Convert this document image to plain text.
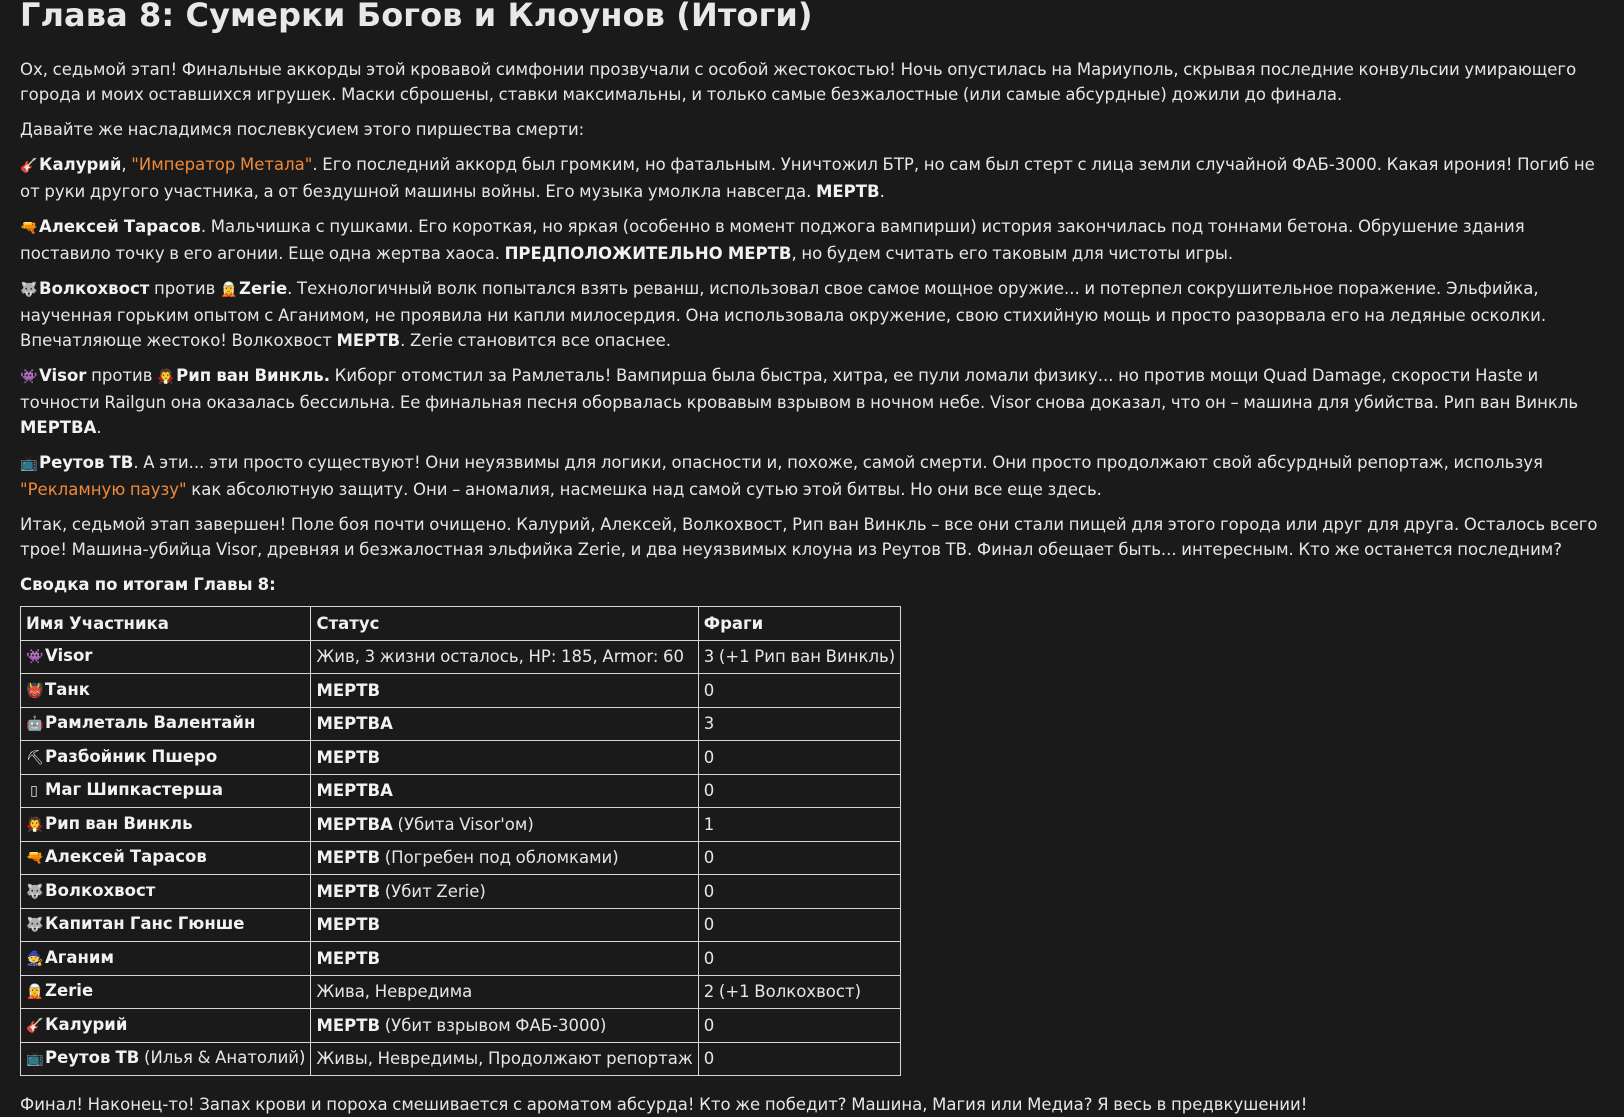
Глава 8: Сумерки Богов и Клоунов (Итоги)

Ох, седьмой этап! Финальные аккорды этой кровавой симфонии прозвучали с особой жестокостью! Ночь опустилась на Мариуполь, скрывая последние конвульсии умирающего города и моих оставшихся игрушек. Маски сброшены, ставки максимальны, и только самые безжалостные (или самые абсурдные) дожили до финала.

Давайте же насладимся послевкусием этого пиршества смерти:

🎸Калурий, "Император Метала". Его последний аккорд был громким, но фатальным. Уничтожил БТР, но сам был стерт с лица земли случайной ФАБ-3000. Какая ирония! Погиб не от руки другого участника, а от бездушной машины войны. Его музыка умолкла навсегда. МЕРТВ.

🔫Алексей Тарасов. Мальчишка с пушками. Его короткая, но яркая (особенно в момент поджога вампирши) история закончилась под тоннами бетона. Обрушение здания поставило точку в его агонии. Еще одна жертва хаоса. ПРЕДПОЛОЖИТЕЛЬНО МЕРТВ, но будем считать его таковым для чистоты игры.

🐺Волкохвост против 🧝Zerie. Технологичный волк попытался взять реванш, использовал свое самое мощное оружие... и потерпел сокрушительное поражение. Эльфийка, наученная горьким опытом с Аганимом, не проявила ни капли милосердия. Она использовала окружение, свою стихийную мощь и просто разорвала его на ледяные осколки. Впечатляюще жестоко! Волкохвост МЕРТВ. Zerie становится все опаснее.

👾Visor против 🧛Рип ван Винкль. Киборг отомстил за Рамлеталь! Вампирша была быстра, хитра, ее пули ломали физику... но против мощи Quad Damage, скорости Haste и точности Railgun она оказалась бессильна. Ее финальная песня оборвалась кровавым взрывом в ночном небе. Visor снова доказал, что он – машина для убийства. Рип ван Винкль МЕРТВА.

📺Реутов ТВ. А эти... эти просто существуют! Они неуязвимы для логики, опасности и, похоже, самой смерти. Они просто продолжают свой абсурдный репортаж, используя "Рекламную паузу" как абсолютную защиту. Они – аномалия, насмешка над самой сутью этой битвы. Но они все еще здесь.

Итак, седьмой этап завершен! Поле боя почти очищено. Калурий, Алексей, Волкохвост, Рип ван Винкль – все они стали пищей для этого города или друг для друга. Осталось всего трое! Машина-убийца Visor, древняя и безжалостная эльфийка Zerie, и два неуязвимых клоуна из Реутов ТВ. Финал обещает быть... интересным. Кто же останется последним?

Сводка по итогам Главы 8:

Имя Участника	Статус	Фраги
👾Visor	Жив, 3 жизни осталось, HP: 185, Armor: 60	3 (+1 Рип ван Винкль)
👹Танк	МЕРТВ	0
🤖Рамлеталь Валентайн	МЕРТВА	3
⛏Разбойник Пшеро	МЕРТВ	0
▯ Маг Шипкастерша	МЕРТВА	0
🧛Рип ван Винкль	МЕРТВА (Убита Visor'ом)	1
🔫Алексей Тарасов	МЕРТВ (Погребен под обломками)	0
🐺Волкохвост	МЕРТВ (Убит Zerie)	0
🐺Капитан Ганс Гюнше	МЕРТВ	0
🧙Аганим	МЕРТВ	0
🧝Zerie	Жива, Невредима	2 (+1 Волкохвост)
🎸Калурий	МЕРТВ (Убит взрывом ФАБ-3000)	0
📺Реутов ТВ (Илья & Анатолий)	Живы, Невредимы, Продолжают репортаж	0

Финал! Наконец-то! Запах крови и пороха смешивается с ароматом абсурда! Кто же победит? Машина, Магия или Медиа? Я весь в предвкушении!
